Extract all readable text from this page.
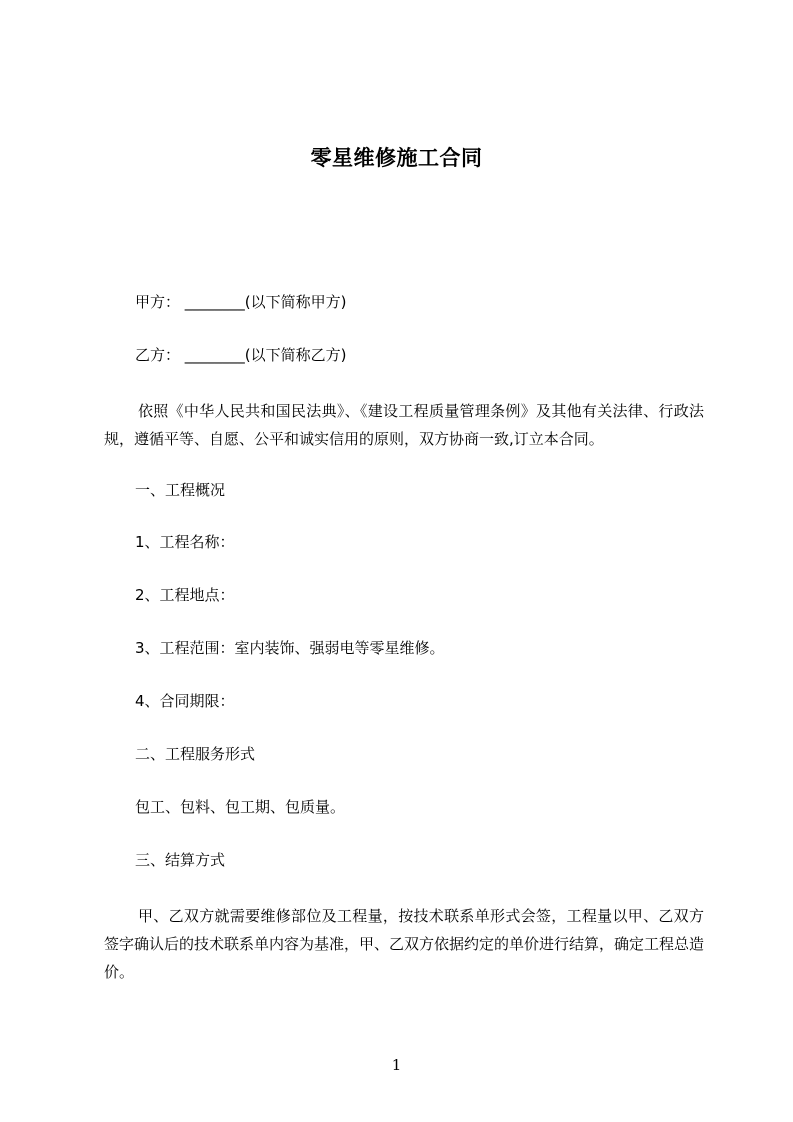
零星维修施工合同
甲方： ________(以下简称甲方)
乙方： ________(以下简称乙方)
依照《中华人民共和国民法典》、《建设工程质量管理条例》及其他有关法律、行政法规，遵循平等、自愿、公平和诚实信用的原则，双方协商一致,订立本合同。
一、工程概况
1、工程名称：
2、工程地点：
3、工程范围：室内装饰、强弱电等零星维修。
4、合同期限：
二、工程服务形式
包工、包料、包工期、包质量。
三、结算方式
甲、乙双方就需要维修部位及工程量，按技术联系单形式会签，工程量以甲、乙双方签字确认后的技术联系单内容为基准，甲、乙双方依据约定的单价进行结算，确定工程总造价。
1
